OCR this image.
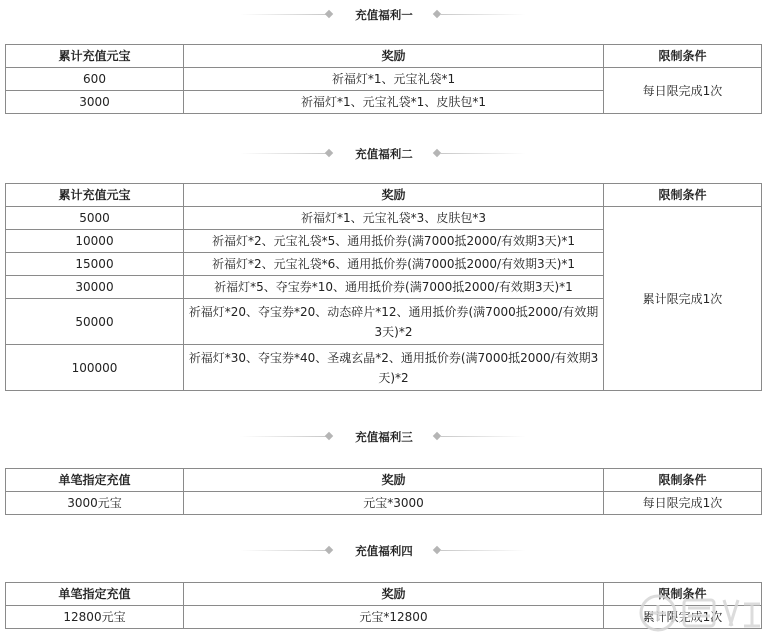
充值福利一
累计充值元宝	奖励	限制条件
600	祈福灯*1、元宝礼袋*1	每日限完成1次
3000	祈福灯*1、元宝礼袋*1、皮肤包*1	
充值福利二
累计充值元宝	奖励	限制条件
5000	祈福灯*1、元宝礼袋*3、皮肤包*3	累计限完成1次
10000	祈福灯*2、元宝礼袋*5、通用抵价券(满7000抵2000/有效期3天)*1	
15000	祈福灯*2、元宝礼袋*6、通用抵价券(满7000抵2000/有效期3天)*1	
30000	祈福灯*5、夺宝券*10、通用抵价券(满7000抵2000/有效期3天)*1	
50000	祈福灯*20、夺宝券*20、动态碎片*12、通用抵价券(满7000抵2000/有效期3天)*2	
100000	祈福灯*30、夺宝券*40、圣魂玄晶*2、通用抵价券(满7000抵2000/有效期3天)*2	
充值福利三
单笔指定充值	奖励	限制条件
3000元宝	元宝*3000	每日限完成1次
充值福利四
单笔指定充值	奖励	限制条件
12800元宝	元宝*12800	累计限完成1次
